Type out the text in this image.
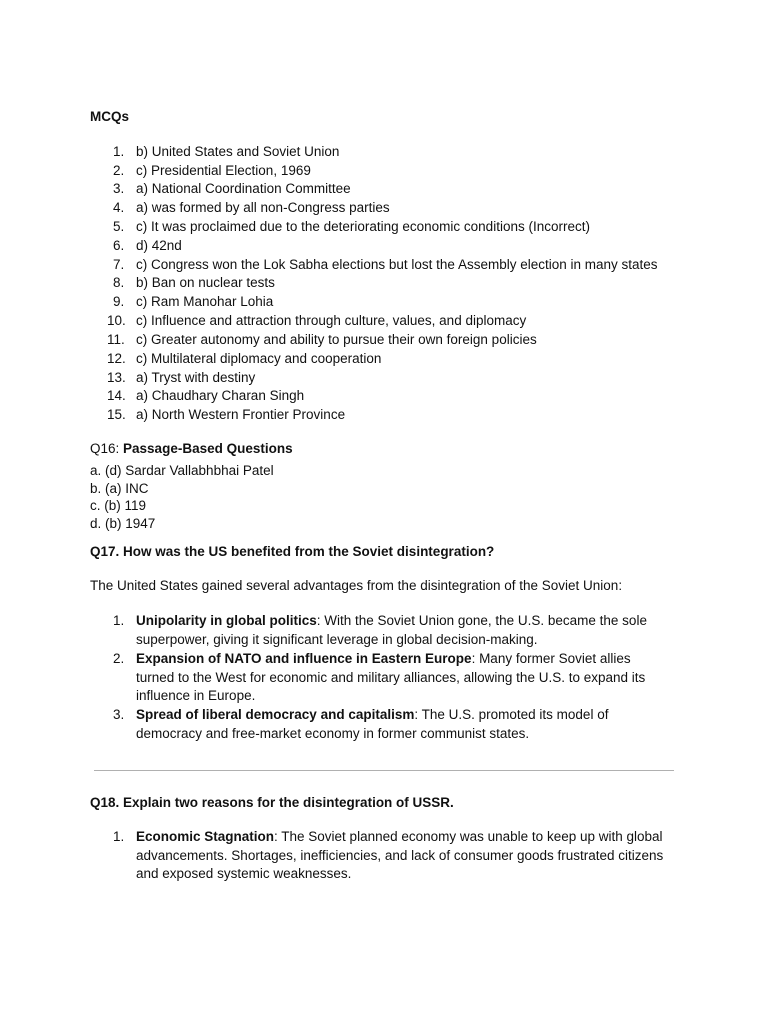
MCQs
1. b) United States and Soviet Union
2. c) Presidential Election, 1969
3. a) National Coordination Committee
4. a) was formed by all non-Congress parties
5. c) It was proclaimed due to the deteriorating economic conditions (Incorrect)
6. d) 42nd
7. c) Congress won the Lok Sabha elections but lost the Assembly election in many states
8. b) Ban on nuclear tests
9. c) Ram Manohar Lohia
10. c) Influence and attraction through culture, values, and diplomacy
11. c) Greater autonomy and ability to pursue their own foreign policies
12. c) Multilateral diplomacy and cooperation
13. a) Tryst with destiny
14. a) Chaudhary Charan Singh
15. a) North Western Frontier Province
Q16: Passage-Based Questions
a. (d) Sardar Vallabhbhai Patel
b. (a) INC
c. (b) 119
d. (b) 1947
Q17. How was the US benefited from the Soviet disintegration?
The United States gained several advantages from the disintegration of the Soviet Union:
1. Unipolarity in global politics: With the Soviet Union gone, the U.S. became the sole superpower, giving it significant leverage in global decision-making.
2. Expansion of NATO and influence in Eastern Europe: Many former Soviet allies turned to the West for economic and military alliances, allowing the U.S. to expand its influence in Europe.
3. Spread of liberal democracy and capitalism: The U.S. promoted its model of democracy and free-market economy in former communist states.
Q18. Explain two reasons for the disintegration of USSR.
1. Economic Stagnation: The Soviet planned economy was unable to keep up with global advancements. Shortages, inefficiencies, and lack of consumer goods frustrated citizens and exposed systemic weaknesses.
